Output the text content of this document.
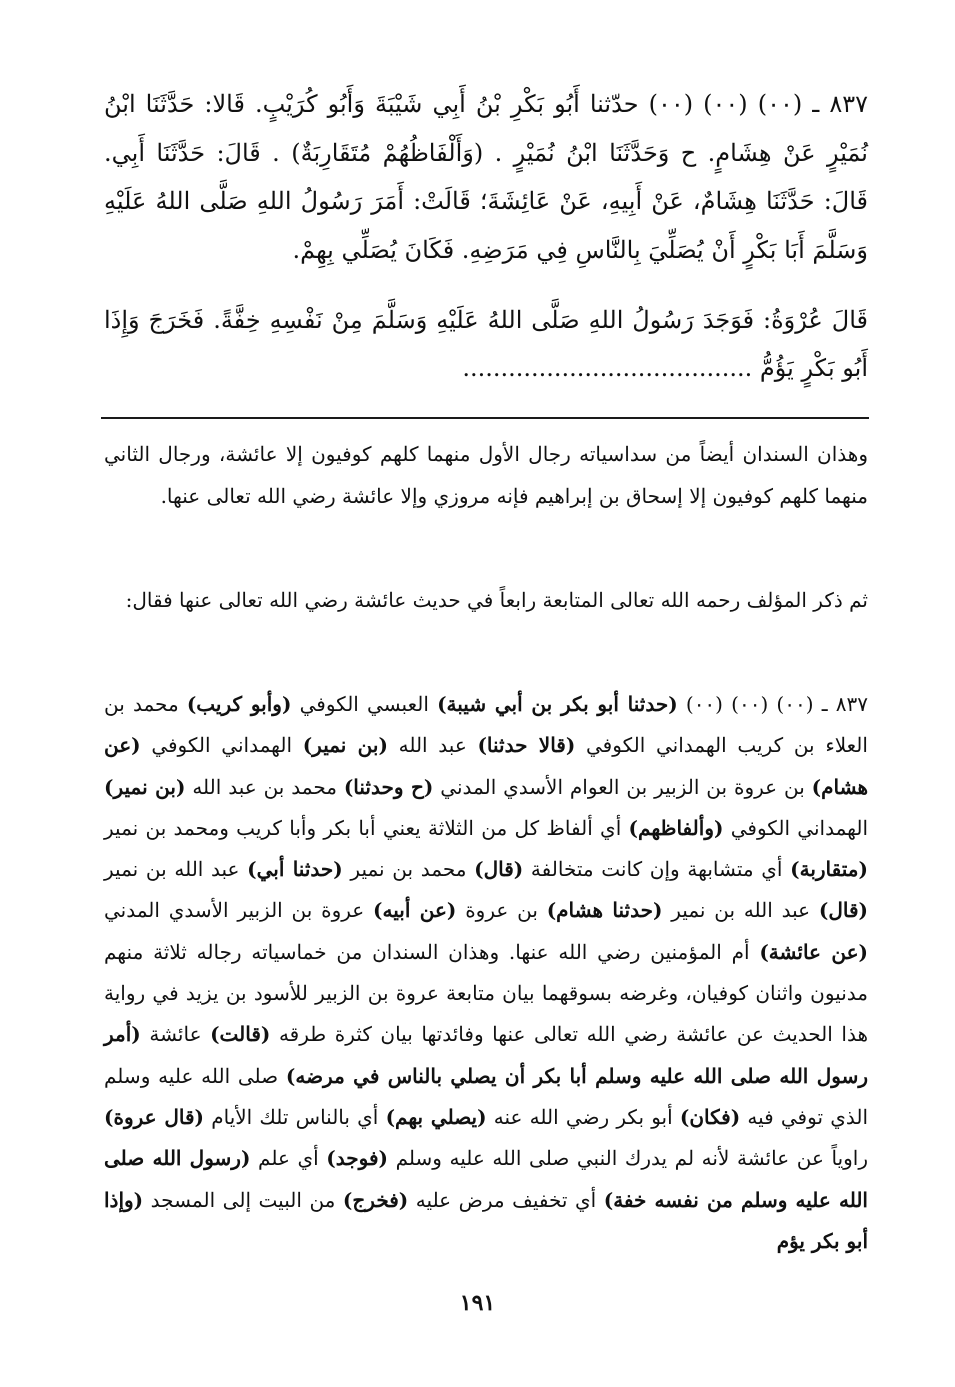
٨٣٧ ـ (٠٠) (٠٠) (٠٠) حدّثنا أَبُو بَكْرِ بْنُ أَبِي شَيْبَةَ وَأَبُو كُرَيْبٍ. قَالا: حَدَّثَنَا ابْنُ نُمَيْرٍ عَنْ هِشَامٍ. ح وَحَدَّثَنَا ابْنُ نُمَيْرٍ . (وَأَلْفَاظُهُمْ مُتَقَارِبَةٌ) . قَالَ: حَدَّثَنَا أَبِي. قَالَ: حَدَّثَنَا هِشَامٌ، عَنْ أَبِيهِ، عَنْ عَائِشَةَ؛ قَالَتْ: أَمَرَ رَسُولُ اللهِ صَلَّى اللهُ عَلَيْهِ وَسَلَّمَ أَبَا بَكْرٍ أَنْ يُصَلِّيَ بِالنَّاسِ فِي مَرَضِهِ. فَكَانَ يُصَلِّي بِهِمْ.
قَالَ عُرْوَةُ: فَوَجَدَ رَسُولُ اللهِ صَلَّى اللهُ عَلَيْهِ وَسَلَّمَ مِنْ نَفْسِهِ خِفَّةً. فَخَرَجَ وَإِذَا أَبُو بَكْرٍ يَؤُمُّ ......................................
وهذان السندان أيضاً من سداسياته رجال الأول منهما كلهم كوفيون إلا عائشة، ورجال الثاني منهما كلهم كوفيون إلا إسحاق بن إبراهيم فإنه مروزي وإلا عائشة رضي الله تعالى عنها.
ثم ذكر المؤلف رحمه الله تعالى المتابعة رابعاً في حديث عائشة رضي الله تعالى عنها فقال:
٨٣٧ ـ (٠٠) (٠٠) (٠٠) (حدثنا أبو بكر بن أبي شيبة) العبسي الكوفي (وأبو كريب) محمد بن العلاء بن كريب الهمداني الكوفي (قالا حدثنا) عبد الله (بن نمير) الهمداني الكوفي (عن هشام) بن عروة بن الزبير بن العوام الأسدي المدني (ح وحدثنا) محمد بن عبد الله (بن نمير) الهمداني الكوفي (وألفاظهم) أي ألفاظ كل من الثلاثة يعني أبا بكر وأبا كريب ومحمد بن نمير (متقاربة) أي متشابهة وإن كانت متخالفة (قال) محمد بن نمير (حدثنا أبي) عبد الله بن نمير (قال) عبد الله بن نمير (حدثنا هشام) بن عروة (عن أبيه) عروة بن الزبير الأسدي المدني (عن عائشة) أم المؤمنين رضي الله عنها. وهذان السندان من خماسياته رجاله ثلاثة منهم مدنيون واثنان كوفيان، وغرضه بسوقهما بيان متابعة عروة بن الزبير للأسود بن يزيد في رواية هذا الحديث عن عائشة رضي الله تعالى عنها وفائدتها بيان كثرة طرقه (قالت) عائشة (أمر رسول الله صلى الله عليه وسلم أبا بكر أن يصلي بالناس في مرضه) صلى الله عليه وسلم الذي توفي فيه (فكان) أبو بكر رضي الله عنه (يصلي بهم) أي بالناس تلك الأيام (قال عروة) راوياً عن عائشة لأنه لم يدرك النبي صلى الله عليه وسلم (فوجد) أي علم (رسول الله صلى الله عليه وسلم من نفسه خفة) أي تخفيف مرض عليه (فخرج) من البيت إلى المسجد (وإذا أبو بكر يؤم
١٩١
